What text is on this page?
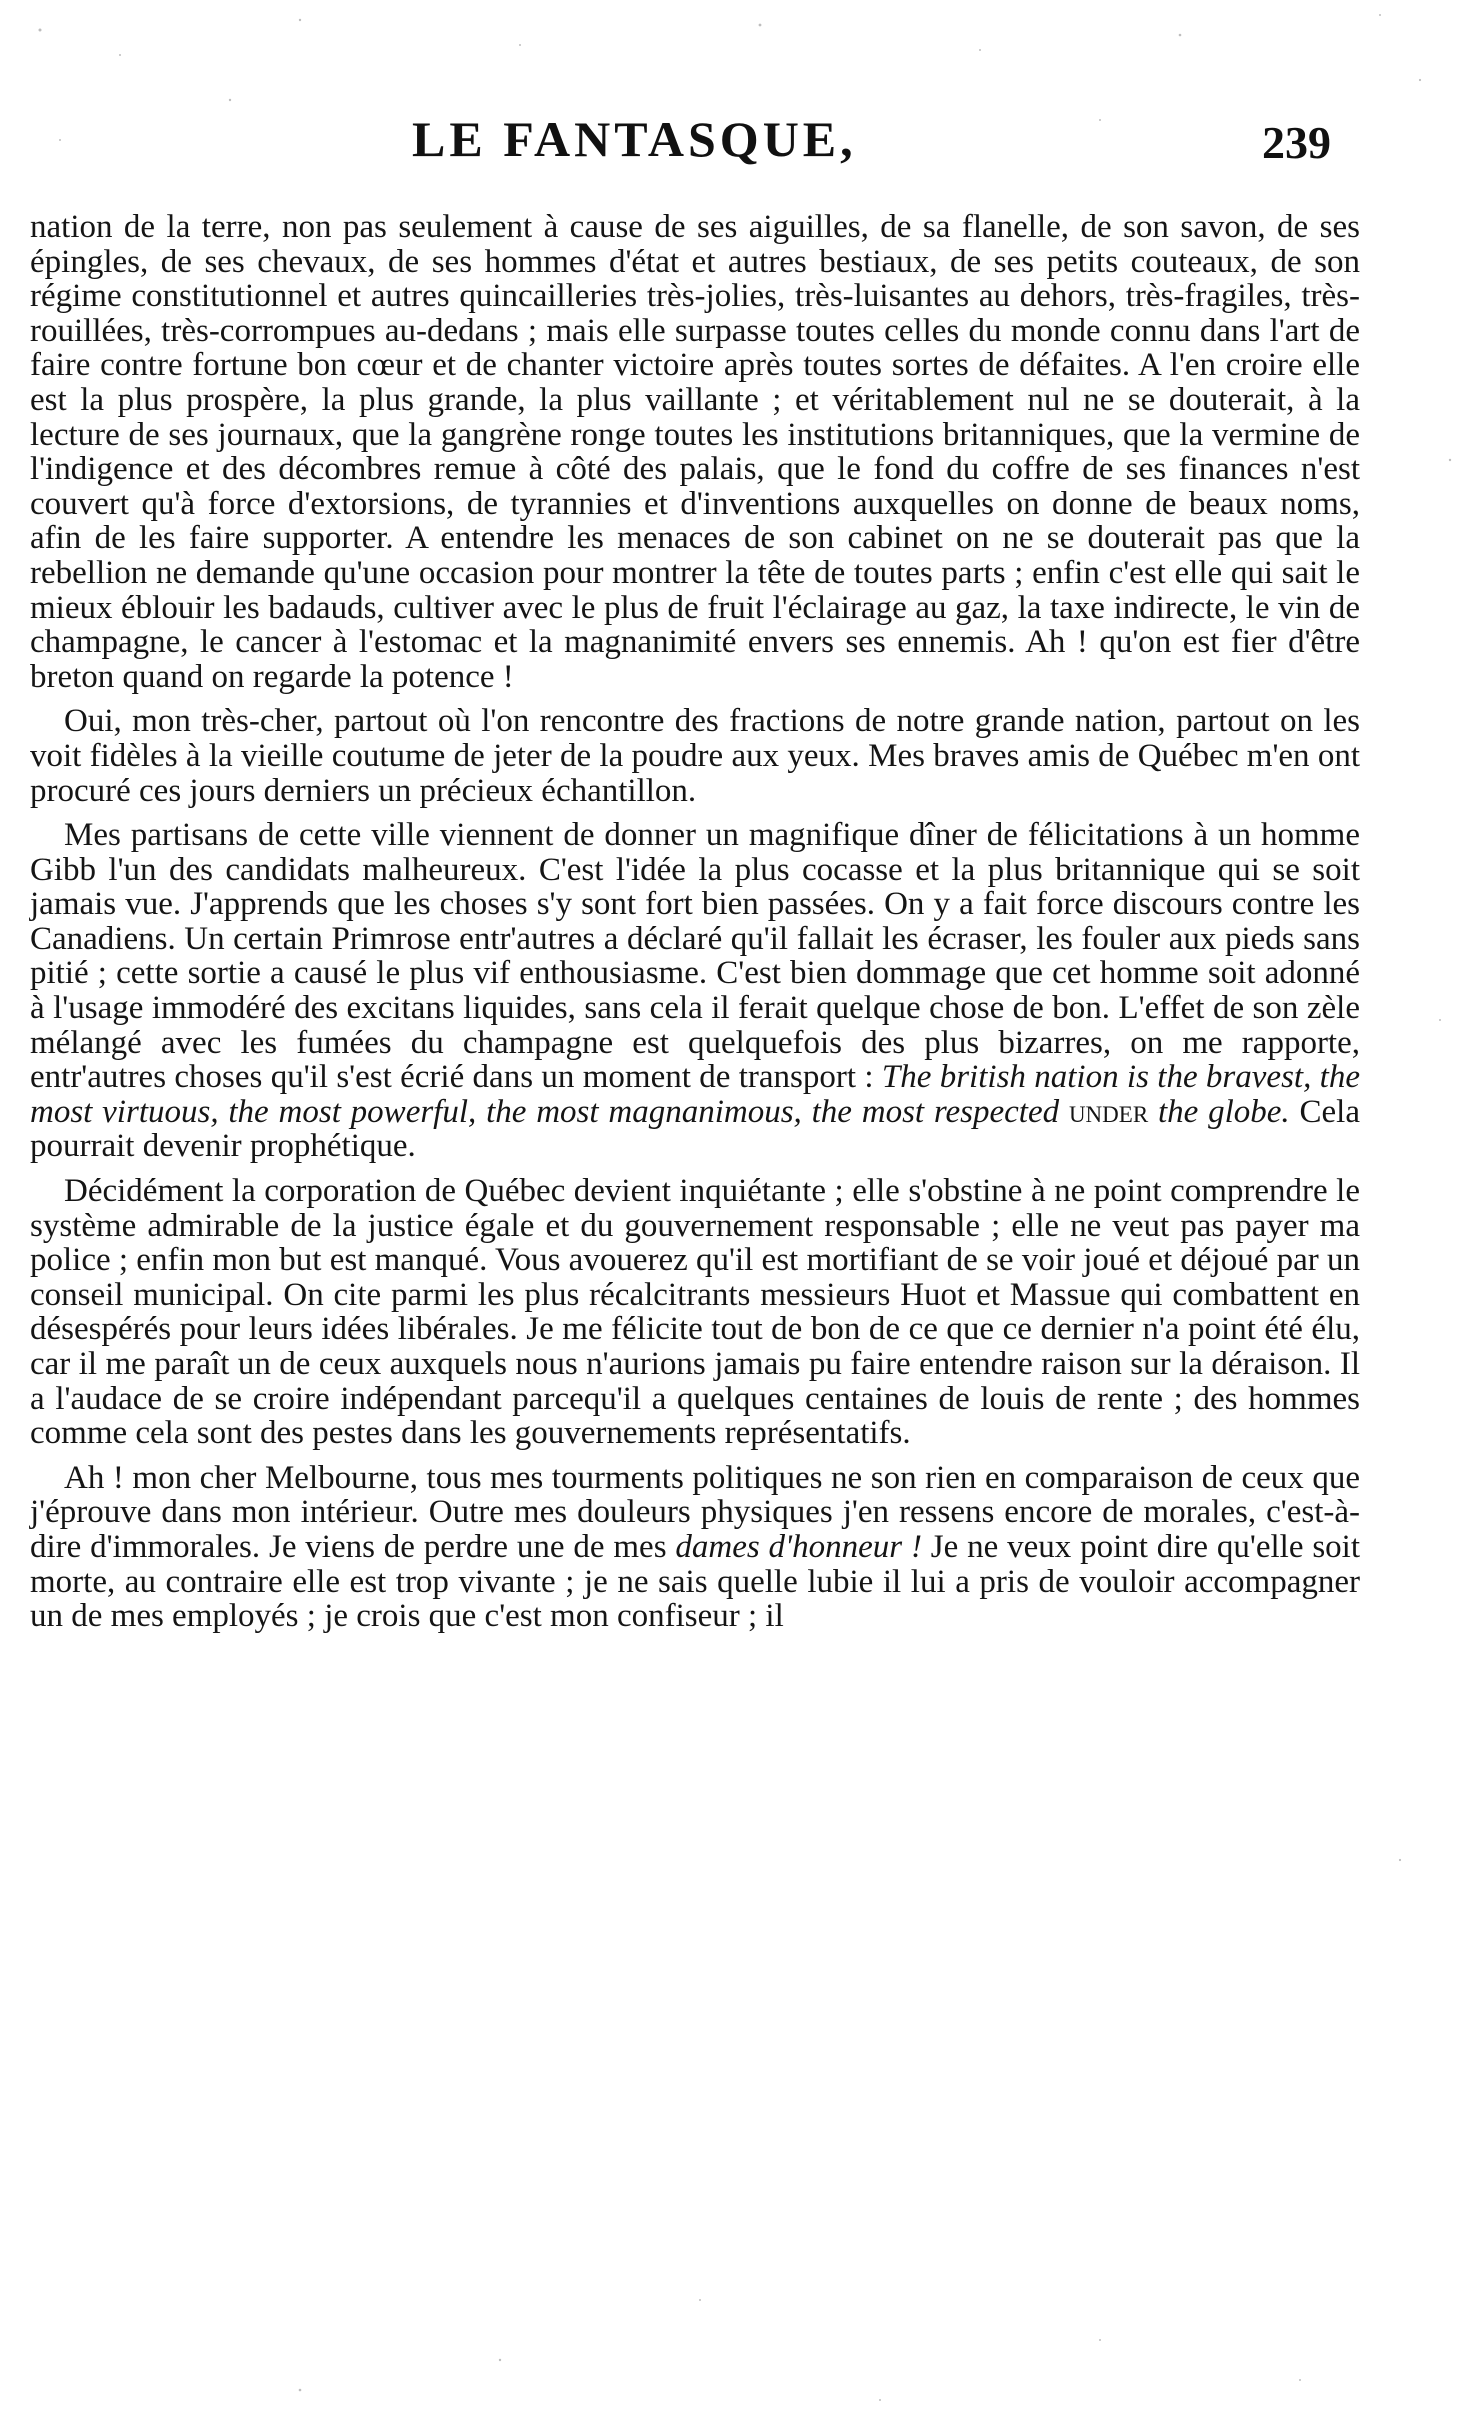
LE FANTASQUE,	239

nation de la terre, non pas seulement à cause de ses aiguilles, de sa flanelle, de son savon, de ses épingles, de ses chevaux, de ses hommes d'état et autres bestiaux, de ses petits couteaux, de son régime constitutionnel et autres quincailleries très-jolies, très-luisantes au dehors, très-fragiles, très-rouillées, très-corrompues au-dedans ; mais elle surpasse toutes celles du monde connu dans l'art de faire contre fortune bon cœur et de chanter victoire après toutes sortes de défaites. A l'en croire elle est la plus prospère, la plus grande, la plus vaillante ; et véritablement nul ne se douterait, à la lecture de ses journaux, que la gangrène ronge toutes les institutions britanniques, que la vermine de l'indigence et des décombres remue à côté des palais, que le fond du coffre de ses finances n'est couvert qu'à force d'extorsions, de tyrannies et d'inventions auxquelles on donne de beaux noms, afin de les faire supporter. A entendre les menaces de son cabinet on ne se douterait pas que la rebellion ne demande qu'une occasion pour montrer la tête de toutes parts ; enfin c'est elle qui sait le mieux éblouir les badauds, cultiver avec le plus de fruit l'éclairage au gaz, la taxe indirecte, le vin de champagne, le cancer à l'estomac et la magnanimité envers ses ennemis. Ah ! qu'on est fier d'être breton quand on regarde la potence !

Oui, mon très-cher, partout où l'on rencontre des fractions de notre grande nation, partout on les voit fidèles à la vieille coutume de jeter de la poudre aux yeux. Mes braves amis de Québec m'en ont procuré ces jours derniers un précieux échantillon.

Mes partisans de cette ville viennent de donner un magnifique dîner de félicitations à un homme Gibb l'un des candidats malheureux. C'est l'idée la plus cocasse et la plus britannique qui se soit jamais vue. J'apprends que les choses s'y sont fort bien passées. On y a fait force discours contre les Canadiens. Un certain Primrose entr'autres a déclaré qu'il fallait les écraser, les fouler aux pieds sans pitié ; cette sortie a causé le plus vif enthousiasme. C'est bien dommage que cet homme soit adonné à l'usage immodéré des excitans liquides, sans cela il ferait quelque chose de bon. L'effet de son zèle mélangé avec les fumées du champagne est quelquefois des plus bizarres, on me rapporte, entr'autres choses qu'il s'est écrié dans un moment de transport : The british nation is the bravest, the most virtuous, the most powerful, the most magnanimous, the most respected under the globe. Cela pourrait devenir prophétique.

Décidément la corporation de Québec devient inquiétante ; elle s'obstine à ne point comprendre le système admirable de la justice égale et du gouvernement responsable ; elle ne veut pas payer ma police ; enfin mon but est manqué. Vous avouerez qu'il est mortifiant de se voir joué et déjoué par un conseil municipal. On cite parmi les plus récalcitrants messieurs Huot et Massue qui combattent en désespérés pour leurs idées libérales. Je me félicite tout de bon de ce que ce dernier n'a point été élu, car il me paraît un de ceux auxquels nous n'aurions jamais pu faire entendre raison sur la déraison. Il a l'audace de se croire indépendant parcequ'il a quelques centaines de louis de rente ; des hommes comme cela sont des pestes dans les gouvernements représentatifs.

Ah ! mon cher Melbourne, tous mes tourments politiques ne son rien en comparaison de ceux que j'éprouve dans mon intérieur. Outre mes douleurs physiques j'en ressens encore de morales, c'est-à-dire d'immorales. Je viens de perdre une de mes dames d'honneur ! Je ne veux point dire qu'elle soit morte, au contraire elle est trop vivante ; je ne sais quelle lubie il lui a pris de vouloir accompagner un de mes employés ; je crois que c'est mon confiseur ; il
